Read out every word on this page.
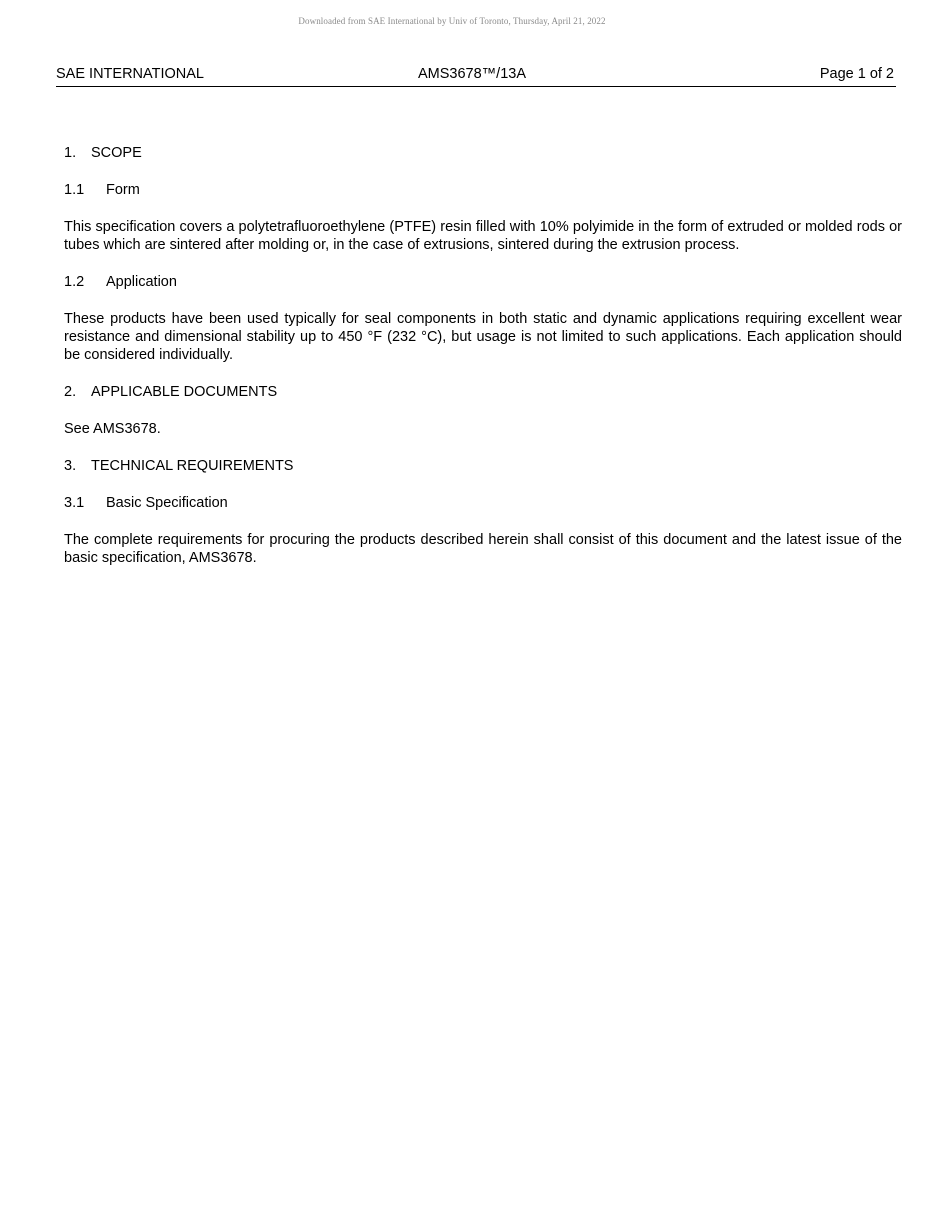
Downloaded from SAE International by Univ of Toronto, Thursday, April 21, 2022
SAE INTERNATIONAL	AMS3678™/13A	Page 1 of 2
1.	SCOPE
1.1	Form

This specification covers a polytetrafluoroethylene (PTFE) resin filled with 10% polyimide in the form of extruded or molded rods or tubes which are sintered after molding or, in the case of extrusions, sintered during the extrusion process.

1.2	Application

These products have been used typically for seal components in both static and dynamic applications requiring excellent wear resistance and dimensional stability up to 450 °F (232 °C), but usage is not limited to such applications. Each application should be considered individually.

2.	APPLICABLE DOCUMENTS

See AMS3678.

3.	TECHNICAL REQUIREMENTS
3.1	Basic Specification

The complete requirements for procuring the products described herein shall consist of this document and the latest issue of the basic specification, AMS3678.
